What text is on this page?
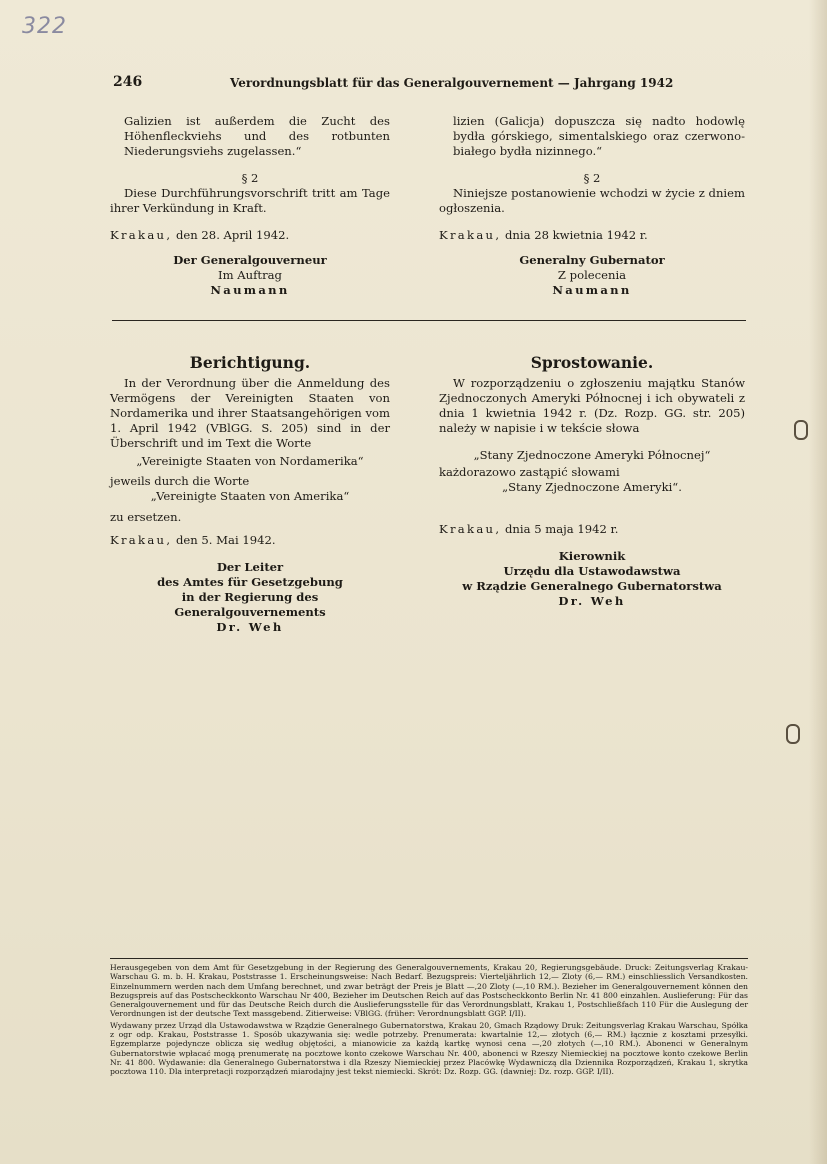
322
246	Verordnungsblatt für das Generalgouvernement — Jahrgang 1942
Galizien ist außerdem die Zucht des Höhenfleckviehs und des rotbunten Niederungsviehs zugelassen.“
§ 2
Diese Durchführungsvorschrift tritt am Tage ihrer Verkündung in Kraft.
Krakau, den 28. April 1942.
Der Generalgouverneur
Im Auftrag
Naumann
lizien (Galicja) dopuszcza się nadto hodowlę bydła górskiego, simentalskiego oraz czerwono-białego bydła nizinnego.“
§ 2
Niniejsze postanowienie wchodzi w życie z dniem ogłoszenia.
Krakau, dnia 28 kwietnia 1942 r.
Generalny Gubernator
Z polecenia
Naumann
Berichtigung.
In der Verordnung über die Anmeldung des Vermögens der Vereinigten Staaten von Nordamerika und ihrer Staatsangehörigen vom 1. April 1942 (VBlGG. S. 205) sind in der Überschrift und im Text die Worte
„Vereinigte Staaten von Nordamerika“
jeweils durch die Worte
„Vereinigte Staaten von Amerika“
zu ersetzen.
Krakau, den 5. Mai 1942.
Der Leiter
des Amtes für Gesetzgebung
in der Regierung des Generalgouvernements
Dr. Weh
Sprostowanie.
W rozporządzeniu o zgłoszeniu majątku Stanów Zjednoczonych Ameryki Północnej i ich obywateli z dnia 1 kwietnia 1942 r. (Dz. Rozp. GG. str. 205) należy w napisie i w tekście słowa
„Stany Zjednoczone Ameryki Północnej“
każdorazowo zastąpić słowami
„Stany Zjednoczone Ameryki“.
Krakau, dnia 5 maja 1942 r.
Kierownik
Urzędu dla Ustawodawstwa
w Rządzie Generalnego Gubernatorstwa
Dr. Weh

Herausgegeben von dem Amt für Gesetzgebung in der Regierung des Generalgouvernements, Krakau 20, Regierungsgebäude. Druck: Zeitungsverlag Krakau-Warschau G. m. b. H. Krakau, Poststrasse 1. Erscheinungsweise: Nach Bedarf. Bezugspreis: Vierteljährlich 12,— Zloty (6,— RM.) einschliesslich Versandkosten. Einzelnummern werden nach dem Umfang berechnet, und zwar beträgt der Preis je Blatt —,20 Zloty (—,10 RM.). Bezieher im Generalgouvernement können den Bezugspreis auf das Postscheckkonto Warschau Nr 400, Bezieher im Deutschen Reich auf das Postscheckkonto Berlin Nr. 41 800 einzahlen. Auslieferung: Für das Generalgouvernement und für das Deutsche Reich durch die Auslieferungsstelle für das Verordnungsblatt, Krakau 1, Postschließfach 110 Für die Auslegung der Verordnungen ist der deutsche Text massgebend. Zitierweise: VBlGG. (früher: Verordnungsblatt GGP. I/II).

Wydawany przez Urząd dla Ustawodawstwa w Rządzie Generalnego Gubernatorstwa, Krakau 20, Gmach Rządowy Druk: Zeitungsverlag Krakau Warschau, Spółka z ogr odp. Krakau, Poststrasse 1. Sposób ukazywania się: wedle potrzeby. Prenumerata: kwartalnie 12,— złotych (6,— RM.) łącznie z kosztami przesyłki. Egzemplarze pojedyncze oblicza się według objętości, a mianowicie za każdą kartkę wynosi cena —,20 złotych (—,10 RM.). Abonenci w Generalnym Gubernatorstwie wpłacać mogą prenumeratę na pocztowe konto czekowe Warschau Nr. 400, abonenci w Rzeszy Niemieckiej na pocztowe konto czekowe Berlin Nr. 41 800. Wydawanie: dla Generalnego Gubernatorstwa i dla Rzeszy Niemieckiej przez Placówkę Wydawniczą dla Dziennika Rozporządzeń, Krakau 1, skrytka pocztowa 110. Dla interpretacji rozporządzeń miarodajny jest tekst niemiecki. Skrót: Dz. Rozp. GG. (dawniej: Dz. rozp. GGP. I/II).
